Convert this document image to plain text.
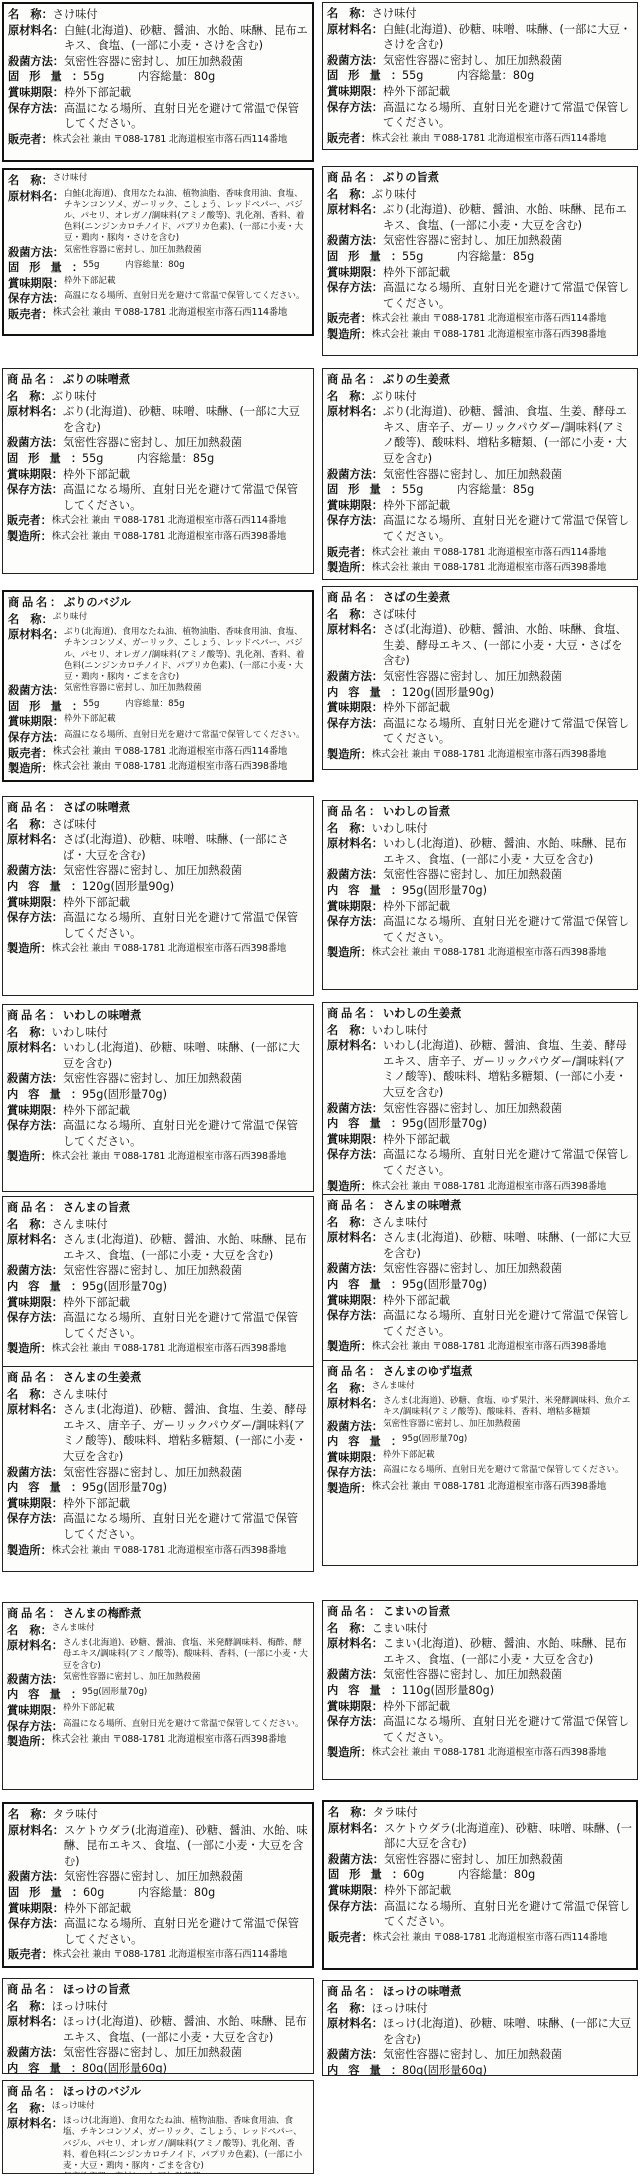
名　称 ： さけ味付
原材料名 ： 白鮭(北海道)、砂糖、醤油、水飴、味醂、昆布エキス、食塩、(一部に小麦・さけを含む)
殺菌方法 ： 気密性容器に密封し、加圧加熱殺菌
固形量 ： 55g　　　内容総量：80g
賞味期限 ： 枠外下部記載
保存方法 ： 高温になる場所、直射日光を避けて常温で保管してください。
販売者 ： 株式会社 兼由 〒088-1781 北海道根室市落石西114番地
名　称 ： さけ味付
原材料名 ： 白鮭(北海道)、砂糖、味噌、味醂、(一部に大豆・さけを含む)
殺菌方法 ： 気密性容器に密封し、加圧加熱殺菌
固形量 ： 55g　　　内容総量：80g
賞味期限 ： 枠外下部記載
保存方法 ： 高温になる場所、直射日光を避けて常温で保管してください。
販売者 ： 株式会社 兼由 〒088-1781 北海道根室市落石西114番地
名　称 ： さけ味付
原材料名 ： 白鮭(北海道)、食用なたね油、植物油脂、香味食用油、食塩、チキンコンソメ、ガーリック、こしょう、レッドペパー、バジル、パセリ、オレガノ/調味料(アミノ酸等)、乳化剤、香料、着色料(ニンジンカロチノイド、パプリカ色素)、(一部に小麦・大豆・鶏肉・豚肉・さけを含む)
殺菌方法 ： 気密性容器に密封し、加圧加熱殺菌
固形量 ： 55g　　　内容総量：80g
賞味期限 ： 枠外下部記載
保存方法 ： 高温になる場所、直射日光を避けて常温で保管してください。
販売者 ： 株式会社 兼由 〒088-1781 北海道根室市落石西114番地
商品名：ぶりの旨煮
名　称 ： ぶり味付
原材料名 ： ぶり(北海道)、砂糖、醤油、水飴、味醂、昆布エキス、食塩、(一部に小麦・大豆を含む)
殺菌方法 ： 気密性容器に密封し、加圧加熱殺菌
固形量 ： 55g　　　内容総量：85g
賞味期限 ： 枠外下部記載
保存方法 ： 高温になる場所、直射日光を避けて常温で保管してください。
販売者 ： 株式会社 兼由 〒088-1781 北海道根室市落石西114番地
製造所 ： 株式会社 兼由 〒088-1781 北海道根室市落石西398番地
商品名：ぶりの味噌煮
名　称 ： ぶり味付
原材料名 ： ぶり(北海道)、砂糖、味噌、味醂、(一部に大豆を含む)
殺菌方法 ： 気密性容器に密封し、加圧加熱殺菌
固形量 ： 55g　　　内容総量：85g
賞味期限 ： 枠外下部記載
保存方法 ： 高温になる場所、直射日光を避けて常温で保管してください。
販売者 ： 株式会社 兼由 〒088-1781 北海道根室市落石西114番地
製造所 ： 株式会社 兼由 〒088-1781 北海道根室市落石西398番地
商品名：ぶりの生姜煮
名　称 ： ぶり味付
原材料名 ： ぶり(北海道)、砂糖、醤油、食塩、生姜、酵母エキス、唐辛子、ガーリックパウダー/調味料(アミノ酸等)、酸味料、増粘多糖類、(一部に小麦・大豆を含む)
殺菌方法 ： 気密性容器に密封し、加圧加熱殺菌
固形量 ： 55g　　　内容総量：85g
賞味期限 ： 枠外下部記載
保存方法 ： 高温になる場所、直射日光を避けて常温で保管してください。
販売者 ： 株式会社 兼由 〒088-1781 北海道根室市落石西114番地
製造所 ： 株式会社 兼由 〒088-1781 北海道根室市落石西398番地
商品名：ぶりのバジル
名　称 ： ぶり味付
原材料名 ： ぶり(北海道)、食用なたね油、植物油脂、香味食用油、食塩、チキンコンソメ、ガーリック、こしょう、レッドペパー、バジル、パセリ、オレガノ/調味料(アミノ酸等)、乳化剤、香料、着色料(ニンジンカロチノイド、パプリカ色素)、(一部に小麦・大豆・鶏肉・豚肉・ごまを含む)
殺菌方法 ： 気密性容器に密封し、加圧加熱殺菌
固形量 ： 55g　　　内容総量：85g
賞味期限 ： 枠外下部記載
保存方法 ： 高温になる場所、直射日光を避けて常温で保管してください。
販売者 ： 株式会社 兼由 〒088-1781 北海道根室市落石西114番地
製造所 ： 株式会社 兼由 〒088-1781 北海道根室市落石西398番地
商品名：さばの生姜煮
名　称 ： さば味付
原材料名 ： さば(北海道)、砂糖、醤油、水飴、味醂、食塩、生姜、酵母エキス、(一部に小麦・大豆・さばを含む)
殺菌方法 ： 気密性容器に密封し、加圧加熱殺菌
内容量 ： 120g(固形量90g)
賞味期限 ： 枠外下部記載
保存方法 ： 高温になる場所、直射日光を避けて常温で保管してください。
製造所 ： 株式会社 兼由 〒088-1781 北海道根室市落石西398番地
商品名：さばの味噌煮
名　称 ： さば味付
原材料名 ： さば(北海道)、砂糖、味噌、味醂、(一部にさば・大豆を含む)
殺菌方法 ： 気密性容器に密封し、加圧加熱殺菌
内容量 ： 120g(固形量90g)
賞味期限 ： 枠外下部記載
保存方法 ： 高温になる場所、直射日光を避けて常温で保管してください。
製造所 ： 株式会社 兼由 〒088-1781 北海道根室市落石西398番地
商品名：いわしの旨煮
名　称 ： いわし味付
原材料名 ： いわし(北海道)、砂糖、醤油、水飴、味醂、昆布エキス、食塩、(一部に小麦・大豆を含む)
殺菌方法 ： 気密性容器に密封し、加圧加熱殺菌
内容量 ： 95g(固形量70g)
賞味期限 ： 枠外下部記載
保存方法 ： 高温になる場所、直射日光を避けて常温で保管してください。
製造所 ： 株式会社 兼由 〒088-1781 北海道根室市落石西398番地
商品名：いわしの味噌煮
名　称 ： いわし味付
原材料名 ： いわし(北海道)、砂糖、味噌、味醂、(一部に大豆を含む)
殺菌方法 ： 気密性容器に密封し、加圧加熱殺菌
内容量 ： 95g(固形量70g)
賞味期限 ： 枠外下部記載
保存方法 ： 高温になる場所、直射日光を避けて常温で保管してください。
製造所 ： 株式会社 兼由 〒088-1781 北海道根室市落石西398番地
商品名：いわしの生姜煮
名　称 ： いわし味付
原材料名 ： いわし(北海道)、砂糖、醤油、食塩、生姜、酵母エキス、唐辛子、ガーリックパウダー/調味料(アミノ酸等)、酸味料、増粘多糖類、(一部に小麦・大豆を含む)
殺菌方法 ： 気密性容器に密封し、加圧加熱殺菌
内容量 ： 95g(固形量70g)
賞味期限 ： 枠外下部記載
保存方法 ： 高温になる場所、直射日光を避けて常温で保管してください。
製造所 ： 株式会社 兼由 〒088-1781 北海道根室市落石西398番地
商品名：さんまの旨煮
名　称 ： さんま味付
原材料名 ： さんま(北海道)、砂糖、醤油、水飴、味醂、昆布エキス、食塩、(一部に小麦・大豆を含む)
殺菌方法 ： 気密性容器に密封し、加圧加熱殺菌
内容量 ： 95g(固形量70g)
賞味期限 ： 枠外下部記載
保存方法 ： 高温になる場所、直射日光を避けて常温で保管してください。
製造所 ： 株式会社 兼由 〒088-1781 北海道根室市落石西398番地
商品名：さんまの味噌煮
名　称 ： さんま味付
原材料名 ： さんま(北海道)、砂糖、味噌、味醂、(一部に大豆を含む)
殺菌方法 ： 気密性容器に密封し、加圧加熱殺菌
内容量 ： 95g(固形量70g)
賞味期限 ： 枠外下部記載
保存方法 ： 高温になる場所、直射日光を避けて常温で保管してください。
製造所 ： 株式会社 兼由 〒088-1781 北海道根室市落石西398番地
商品名：さんまの生姜煮
名　称 ： さんま味付
原材料名 ： さんま(北海道)、砂糖、醤油、食塩、生姜、酵母エキス、唐辛子、ガーリックパウダー/調味料(アミノ酸等)、酸味料、増粘多糖類、(一部に小麦・大豆を含む)
殺菌方法 ： 気密性容器に密封し、加圧加熱殺菌
内容量 ： 95g(固形量70g)
賞味期限 ： 枠外下部記載
保存方法 ： 高温になる場所、直射日光を避けて常温で保管してください。
製造所 ： 株式会社 兼由 〒088-1781 北海道根室市落石西398番地
商品名：さんまのゆず塩煮
名　称 ： さんま味付
原材料名 ： さんま(北海道)、砂糖、食塩、ゆず果汁、米発酵調味料、魚介エキス/調味料(アミノ酸等)、酸味料、香料、増粘多糖類
殺菌方法 ： 気密性容器に密封し、加圧加熱殺菌
内容量 ： 95g(固形量70g)
賞味期限 ： 枠外下部記載
保存方法 ： 高温になる場所、直射日光を避けて常温で保管してください。
製造所 ： 株式会社 兼由 〒088-1781 北海道根室市落石西398番地
商品名：さんまの梅酢煮
名　称 ： さんま味付
原材料名 ： さんま(北海道)、砂糖、醤油、食塩、米発酵調味料、梅酢、酵母エキス/調味料(アミノ酸等)、酸味料、香料、(一部に小麦・大豆を含む)
殺菌方法 ： 気密性容器に密封し、加圧加熱殺菌
内容量 ： 95g(固形量70g)
賞味期限 ： 枠外下部記載
保存方法 ： 高温になる場所、直射日光を避けて常温で保管してください。
製造所 ： 株式会社 兼由 〒088-1781 北海道根室市落石西398番地
商品名：こまいの旨煮
名　称 ： こまい味付
原材料名 ： こまい(北海道)、砂糖、醤油、水飴、味醂、昆布エキス、食塩、(一部に小麦・大豆を含む)
殺菌方法 ： 気密性容器に密封し、加圧加熱殺菌
内容量 ： 110g(固形量80g)
賞味期限 ： 枠外下部記載
保存方法 ： 高温になる場所、直射日光を避けて常温で保管してください。
製造所 ： 株式会社 兼由 〒088-1781 北海道根室市落石西398番地
名　称 ： タラ味付
原材料名 ： スケトウダラ(北海道産)、砂糖、醤油、水飴、味醂、昆布エキス、食塩、(一部に小麦・大豆を含む)
殺菌方法 ： 気密性容器に密封し、加圧加熱殺菌
固形量 ： 60g　　　内容総量：80g
賞味期限 ： 枠外下部記載
保存方法 ： 高温になる場所、直射日光を避けて常温で保管してください。
販売者 ： 株式会社 兼由 〒088-1781 北海道根室市落石西114番地
名　称 ： タラ味付
原材料名 ： スケトウダラ(北海道産)、砂糖、味噌、味醂、(一部に大豆を含む)
殺菌方法 ： 気密性容器に密封し、加圧加熱殺菌
固形量 ： 60g　　　内容総量：80g
賞味期限 ： 枠外下部記載
保存方法 ： 高温になる場所、直射日光を避けて常温で保管してください。
販売者 ： 株式会社 兼由 〒088-1781 北海道根室市落石西114番地
商品名：ほっけの旨煮
名　称 ： ほっけ味付
原材料名 ： ほっけ(北海道)、砂糖、醤油、水飴、味醂、昆布エキス、食塩、(一部に小麦・大豆を含む)
殺菌方法 ： 気密性容器に密封し、加圧加熱殺菌
内容量 ： 80g(固形量60g)
商品名：ほっけの味噌煮
名　称 ： ほっけ味付
原材料名 ： ほっけ(北海道)、砂糖、味噌、味醂、(一部に大豆を含む)
殺菌方法 ： 気密性容器に密封し、加圧加熱殺菌
内容量 ： 80g(固形量60g)
商品名：ほっけのバジル
名　称 ： ほっけ味付
原材料名 ： ほっけ(北海道)、食用なたね油、植物油脂、香味食用油、食塩、チキンコンソメ、ガーリック、こしょう、レッドペパー、バジル、パセリ、オレガノ/調味料(アミノ酸等)、乳化剤、香料、着色料(ニンジンカロチノイド、パプリカ色素)、(一部に小麦・大豆・鶏肉・豚肉・ごまを含む)
